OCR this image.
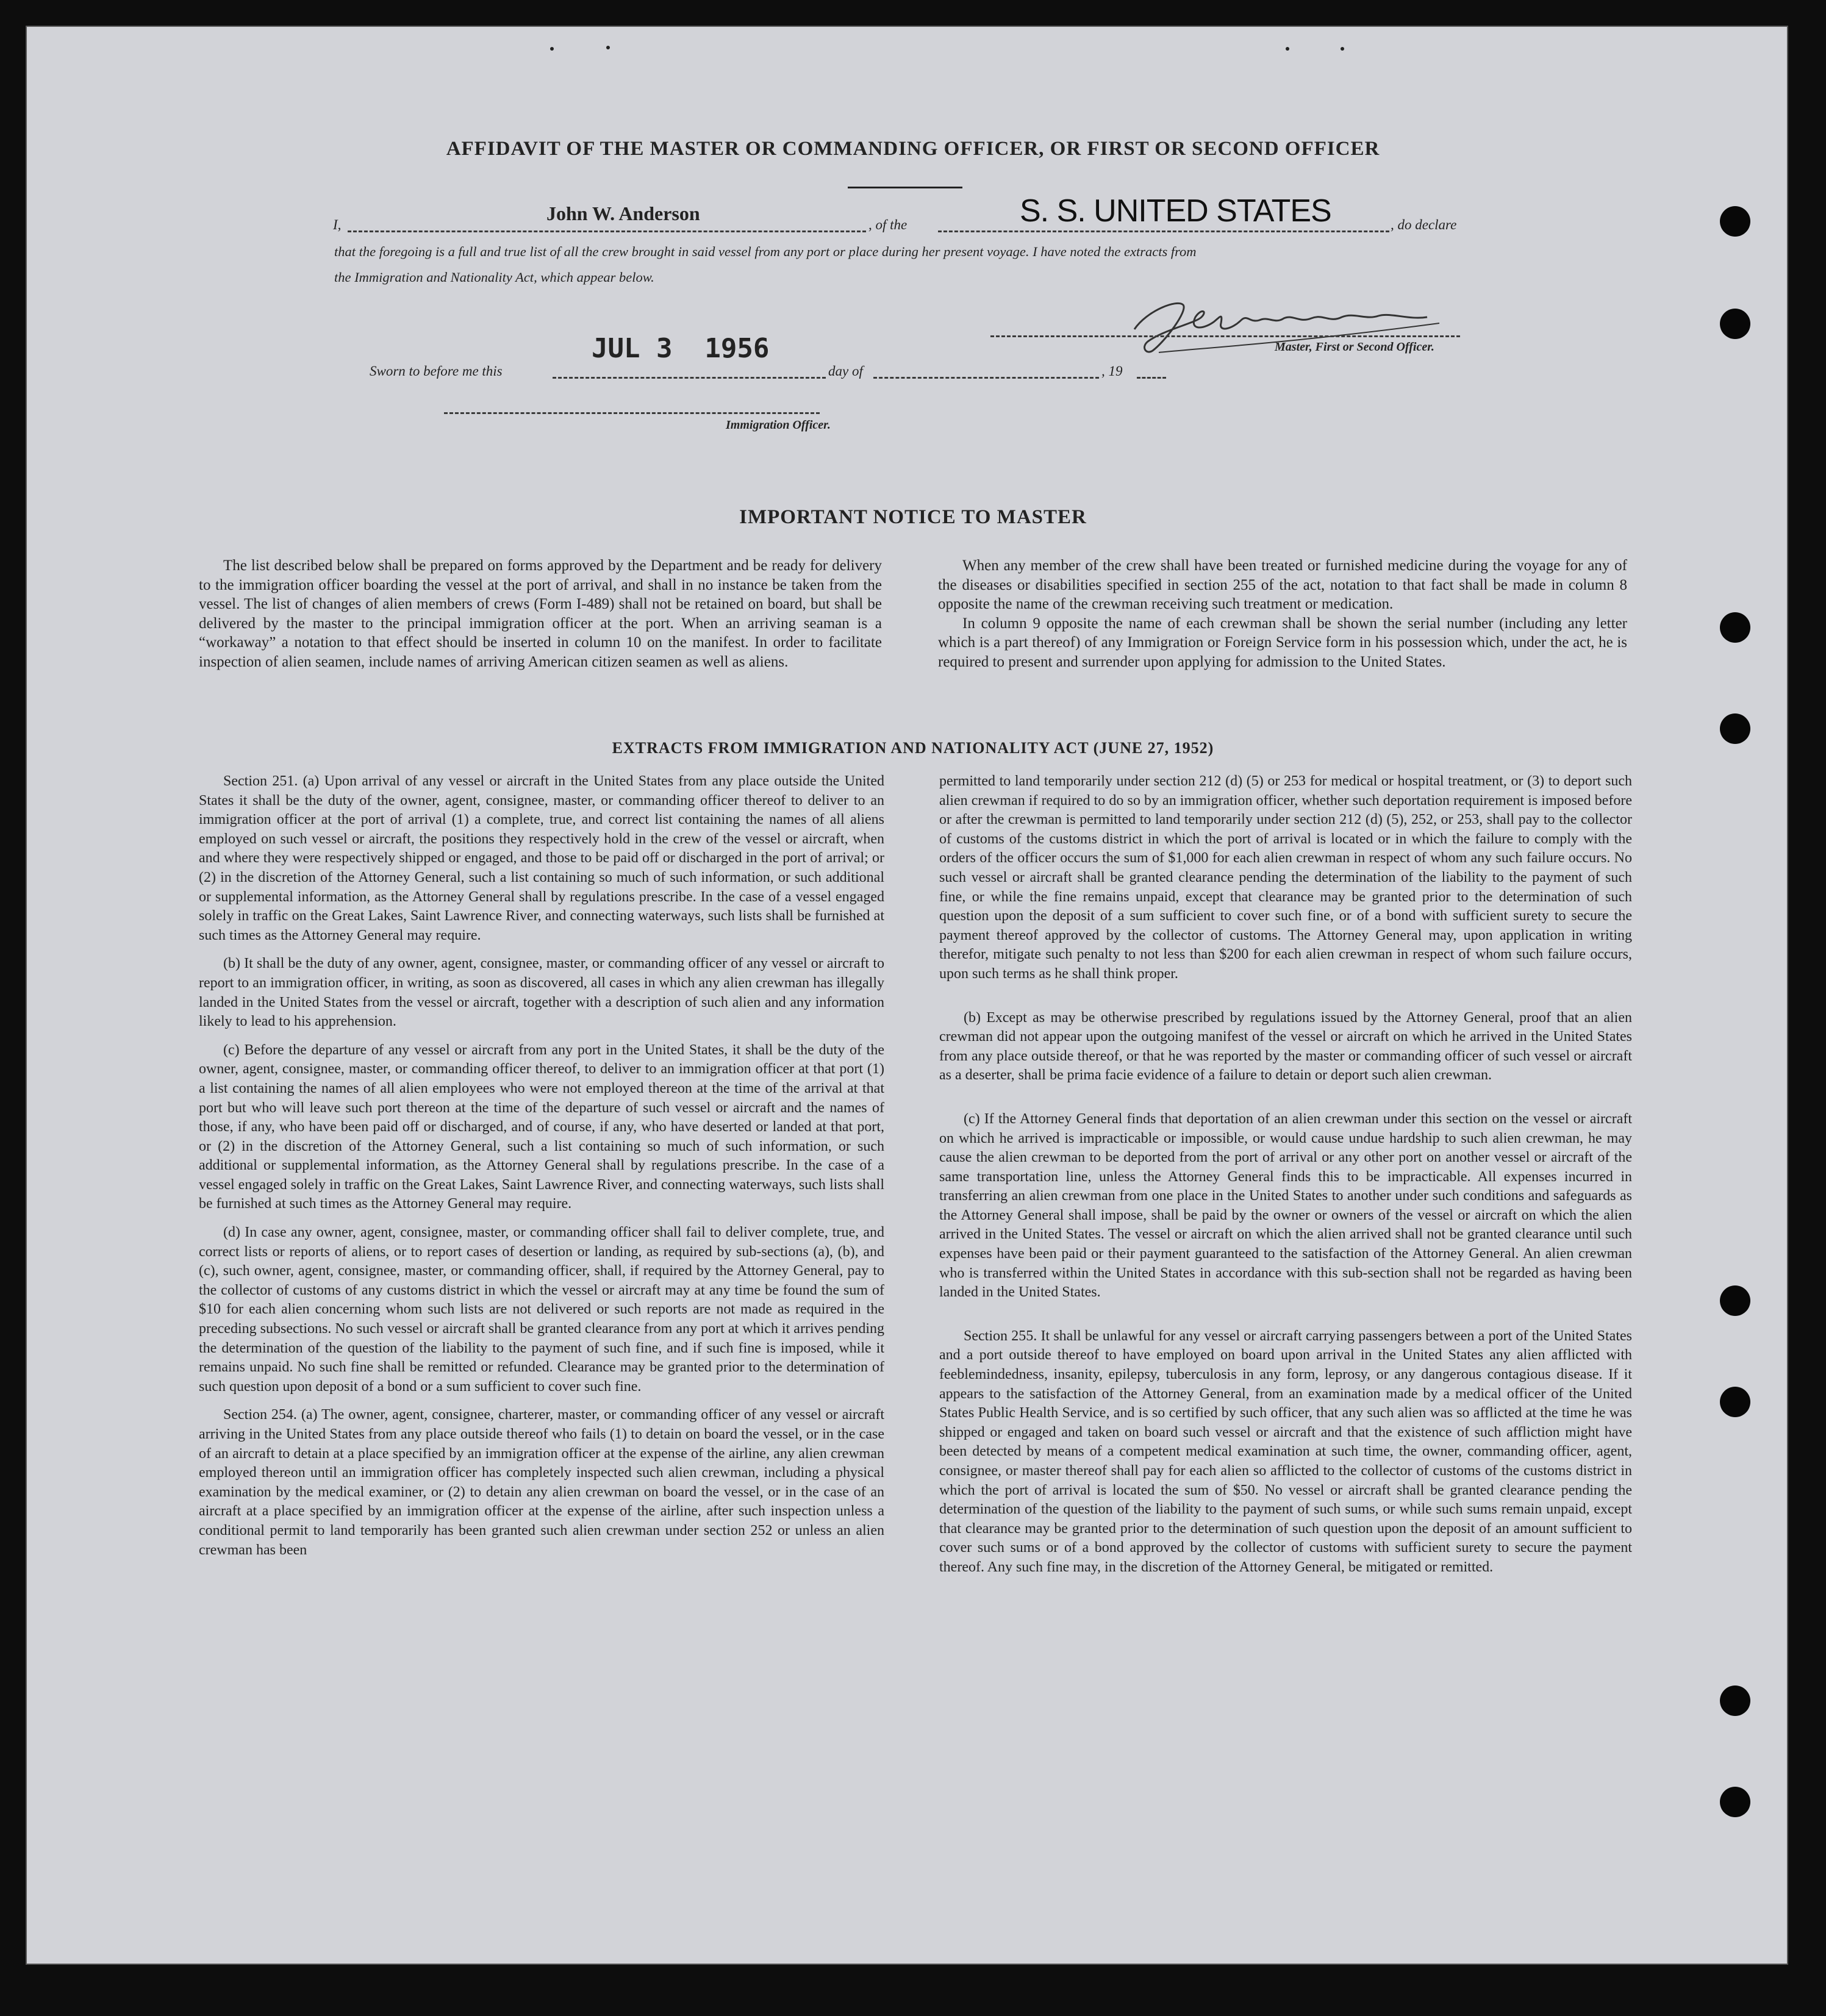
AFFIDAVIT OF THE MASTER OR COMMANDING OFFICER, OR FIRST OR SECOND OFFICER
I,
John W. Anderson
, of the	S. S. UNITED STATES	, do declare
that the foregoing is a full and true list of all the crew brought in said vessel from any port or place during her present voyage. I have noted the extracts from
the Immigration and Nationality Act, which appear below.
Master, First or Second Officer.
Sworn to before me this
JUL 3  1956
day of	, 19
Immigration Officer.
IMPORTANT NOTICE TO MASTER

The list described below shall be prepared on forms approved by the Department and be ready for delivery to the immigration officer boarding the vessel at the port of arrival, and shall in no instance be taken from the vessel. The list of changes of alien members of crews (Form I-489) shall not be retained on board, but shall be delivered by the master to the principal immigration officer at the port. When an arriving seaman is a “workaway” a notation to that effect should be inserted in column 10 on the manifest. In order to facilitate inspection of alien seamen, include names of arriving American citizen seamen as well as aliens.

When any member of the crew shall have been treated or furnished medicine during the voyage for any of the diseases or disabilities specified in section 255 of the act, notation to that fact shall be made in column 8 opposite the name of the crewman receiving such treatment or medication.

In column 9 opposite the name of each crewman shall be shown the serial number (including any letter which is a part thereof) of any Immigration or Foreign Service form in his possession which, under the act, he is required to present and surrender upon applying for admission to the United States.

EXTRACTS FROM IMMIGRATION AND NATIONALITY ACT (JUNE 27, 1952)

Section 251. (a) Upon arrival of any vessel or aircraft in the United States from any place outside the United States it shall be the duty of the owner, agent, consignee, master, or commanding officer thereof to deliver to an immigration officer at the port of arrival (1) a complete, true, and correct list containing the names of all aliens employed on such vessel or aircraft, the positions they respectively hold in the crew of the vessel or aircraft, when and where they were respectively shipped or engaged, and those to be paid off or discharged in the port of arrival; or (2) in the discretion of the Attorney General, such a list containing so much of such information, or such additional or supplemental information, as the Attorney General shall by regulations prescribe. In the case of a vessel engaged solely in traffic on the Great Lakes, Saint Lawrence River, and connecting waterways, such lists shall be furnished at such times as the Attorney General may require.

(b) It shall be the duty of any owner, agent, consignee, master, or commanding officer of any vessel or aircraft to report to an immigration officer, in writing, as soon as discovered, all cases in which any alien crewman has illegally landed in the United States from the vessel or aircraft, together with a description of such alien and any information likely to lead to his apprehension.

(c) Before the departure of any vessel or aircraft from any port in the United States, it shall be the duty of the owner, agent, consignee, master, or commanding officer thereof, to deliver to an immigration officer at that port (1) a list containing the names of all alien employees who were not employed thereon at the time of the arrival at that port but who will leave such port thereon at the time of the departure of such vessel or aircraft and the names of those, if any, who have been paid off or discharged, and of course, if any, who have deserted or landed at that port, or (2) in the discretion of the Attorney General, such a list containing so much of such information, or such additional or supplemental information, as the Attorney General shall by regulations prescribe. In the case of a vessel engaged solely in traffic on the Great Lakes, Saint Lawrence River, and connecting waterways, such lists shall be furnished at such times as the Attorney General may require.

(d) In case any owner, agent, consignee, master, or commanding officer shall fail to deliver complete, true, and correct lists or reports of aliens, or to report cases of desertion or landing, as required by sub-sections (a), (b), and (c), such owner, agent, consignee, master, or commanding officer, shall, if required by the Attorney General, pay to the collector of customs of any customs district in which the vessel or aircraft may at any time be found the sum of $10 for each alien concerning whom such lists are not delivered or such reports are not made as required in the preceding subsections. No such vessel or aircraft shall be granted clearance from any port at which it arrives pending the determination of the question of the liability to the payment of such fine, and if such fine is imposed, while it remains unpaid. No such fine shall be remitted or refunded. Clearance may be granted prior to the determination of such question upon deposit of a bond or a sum sufficient to cover such fine.

Section 254. (a) The owner, agent, consignee, charterer, master, or commanding officer of any vessel or aircraft arriving in the United States from any place outside thereof who fails (1) to detain on board the vessel, or in the case of an aircraft to detain at a place specified by an immigration officer at the expense of the airline, any alien crewman employed thereon until an immigration officer has completely inspected such alien crewman, including a physical examination by the medical examiner, or (2) to detain any alien crewman on board the vessel, or in the case of an aircraft at a place specified by an immigration officer at the expense of the airline, after such inspection unless a conditional permit to land temporarily has been granted such alien crewman under section 252 or unless an alien crewman has been

permitted to land temporarily under section 212 (d) (5) or 253 for medical or hospital treatment, or (3) to deport such alien crewman if required to do so by an immigration officer, whether such deportation requirement is imposed before or after the crewman is permitted to land temporarily under section 212 (d) (5), 252, or 253, shall pay to the collector of customs of the customs district in which the port of arrival is located or in which the failure to comply with the orders of the officer occurs the sum of $1,000 for each alien crewman in respect of whom any such failure occurs. No such vessel or aircraft shall be granted clearance pending the determination of the liability to the payment of such fine, or while the fine remains unpaid, except that clearance may be granted prior to the determination of such question upon the deposit of a sum sufficient to cover such fine, or of a bond with sufficient surety to secure the payment thereof approved by the collector of customs. The Attorney General may, upon application in writing therefor, mitigate such penalty to not less than $200 for each alien crewman in respect of whom such failure occurs, upon such terms as he shall think proper.

(b) Except as may be otherwise prescribed by regulations issued by the Attorney General, proof that an alien crewman did not appear upon the outgoing manifest of the vessel or aircraft on which he arrived in the United States from any place outside thereof, or that he was reported by the master or commanding officer of such vessel or aircraft as a deserter, shall be prima facie evidence of a failure to detain or deport such alien crewman.

(c) If the Attorney General finds that deportation of an alien crewman under this section on the vessel or aircraft on which he arrived is impracticable or impossible, or would cause undue hardship to such alien crewman, he may cause the alien crewman to be deported from the port of arrival or any other port on another vessel or aircraft of the same transportation line, unless the Attorney General finds this to be impracticable. All expenses incurred in transferring an alien crewman from one place in the United States to another under such conditions and safeguards as the Attorney General shall impose, shall be paid by the owner or owners of the vessel or aircraft on which the alien arrived in the United States. The vessel or aircraft on which the alien arrived shall not be granted clearance until such expenses have been paid or their payment guaranteed to the satisfaction of the Attorney General. An alien crewman who is transferred within the United States in accordance with this sub-section shall not be regarded as having been landed in the United States.

Section 255. It shall be unlawful for any vessel or aircraft carrying passengers between a port of the United States and a port outside thereof to have employed on board upon arrival in the United States any alien afflicted with feeblemindedness, insanity, epilepsy, tuberculosis in any form, leprosy, or any dangerous contagious disease. If it appears to the satisfaction of the Attorney General, from an examination made by a medical officer of the United States Public Health Service, and is so certified by such officer, that any such alien was so afflicted at the time he was shipped or engaged and taken on board such vessel or aircraft and that the existence of such affliction might have been detected by means of a competent medical examination at such time, the owner, commanding officer, agent, consignee, or master thereof shall pay for each alien so afflicted to the collector of customs of the customs district in which the port of arrival is located the sum of $50. No vessel or aircraft shall be granted clearance pending the determination of the question of the liability to the payment of such sums, or while such sums remain unpaid, except that clearance may be granted prior to the determination of such question upon the deposit of an amount sufficient to cover such sums or of a bond approved by the collector of customs with sufficient surety to secure the payment thereof. Any such fine may, in the discretion of the Attorney General, be mitigated or remitted.
